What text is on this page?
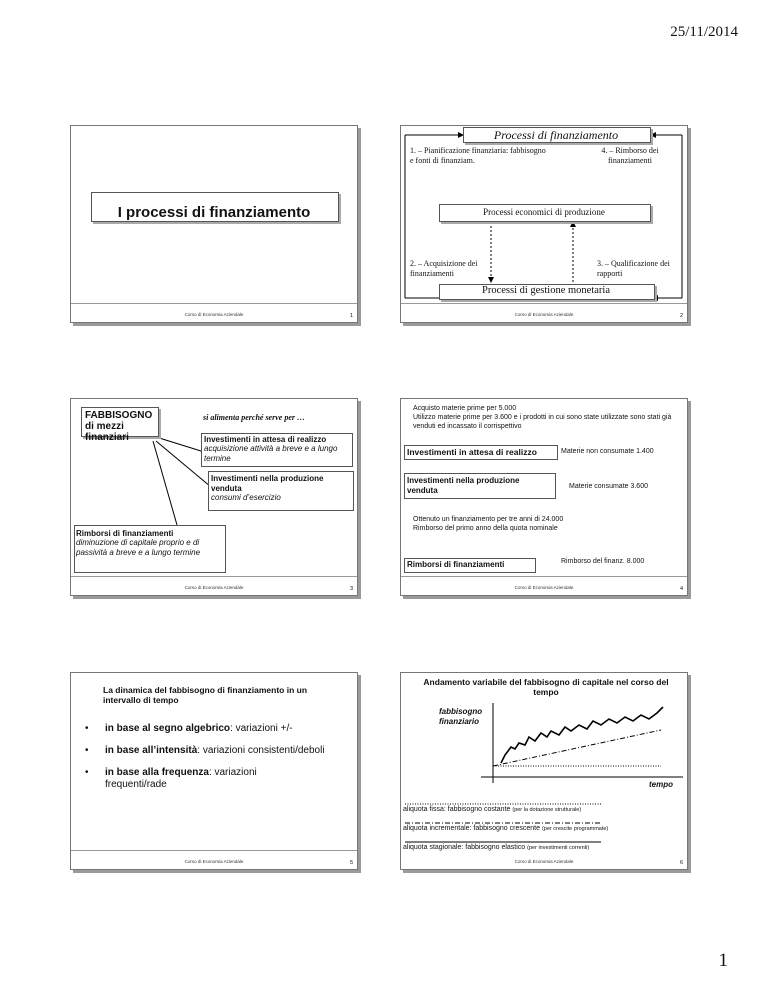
25/11/2014
I processi di finanziamento
Corso di Economia Aziendale	1
Processi di finanziamento
1. – Pianificazione finanziaria: fabbisogno e fonti di finanziam.
4. – Rimborso dei finanziamenti
Processi economici di produzione
2. – Acquisizione dei finanziamenti
3. – Qualificazione dei rapporti
Processi di gestione monetaria
Corso di Economia Aziendale	2
FABBISOGNO di mezzi finanziari
si alimenta perché serve per …
Investimenti in attesa di realizzo
acquisizione attività a breve e a lungo termine
Investimenti nella produzione venduta
consumi d’esercizio
Rimborsi di finanziamenti
diminuzione di capitale proprio e di passività a breve e a lungo termine
Corso di Economia Aziendale	3
Acquisto materie prime per 5.000
Utilizzo materie prime per 3.600 e i prodotti in cui sono state utilizzate sono stati già venduti ed incassato il corrispettivo
Investimenti in attesa di realizzo	Materie non consumate 1.400
Investimenti nella produzione venduta	Materie consumate 3.600
Ottenuto un finanziamento per tre anni di 24.000
Rimborso del primo anno della quota nominale
Rimborsi di finanziamenti	Rimborso del finanz. 8.000
Corso di Economia Aziendale	4
La dinamica del fabbisogno di finanziamento in un intervallo di tempo
• in base al segno algebrico: variazioni +/-
• in base all’intensità: variazioni consistenti/deboli
• in base alla frequenza: variazioni frequenti/rade
Corso di Economia Aziendale	5
Andamento variabile del fabbisogno di capitale nel corso del tempo
fabbisogno finanziario
tempo
aliquota fissa: fabbisogno costante (per la dotazione strutturale)
aliquota incrementale: fabbisogno crescente (per crescite programmate)
aliquota stagionale: fabbisogno elastico (per investimenti correnti)
Corso di Economia Aziendale	6
1
